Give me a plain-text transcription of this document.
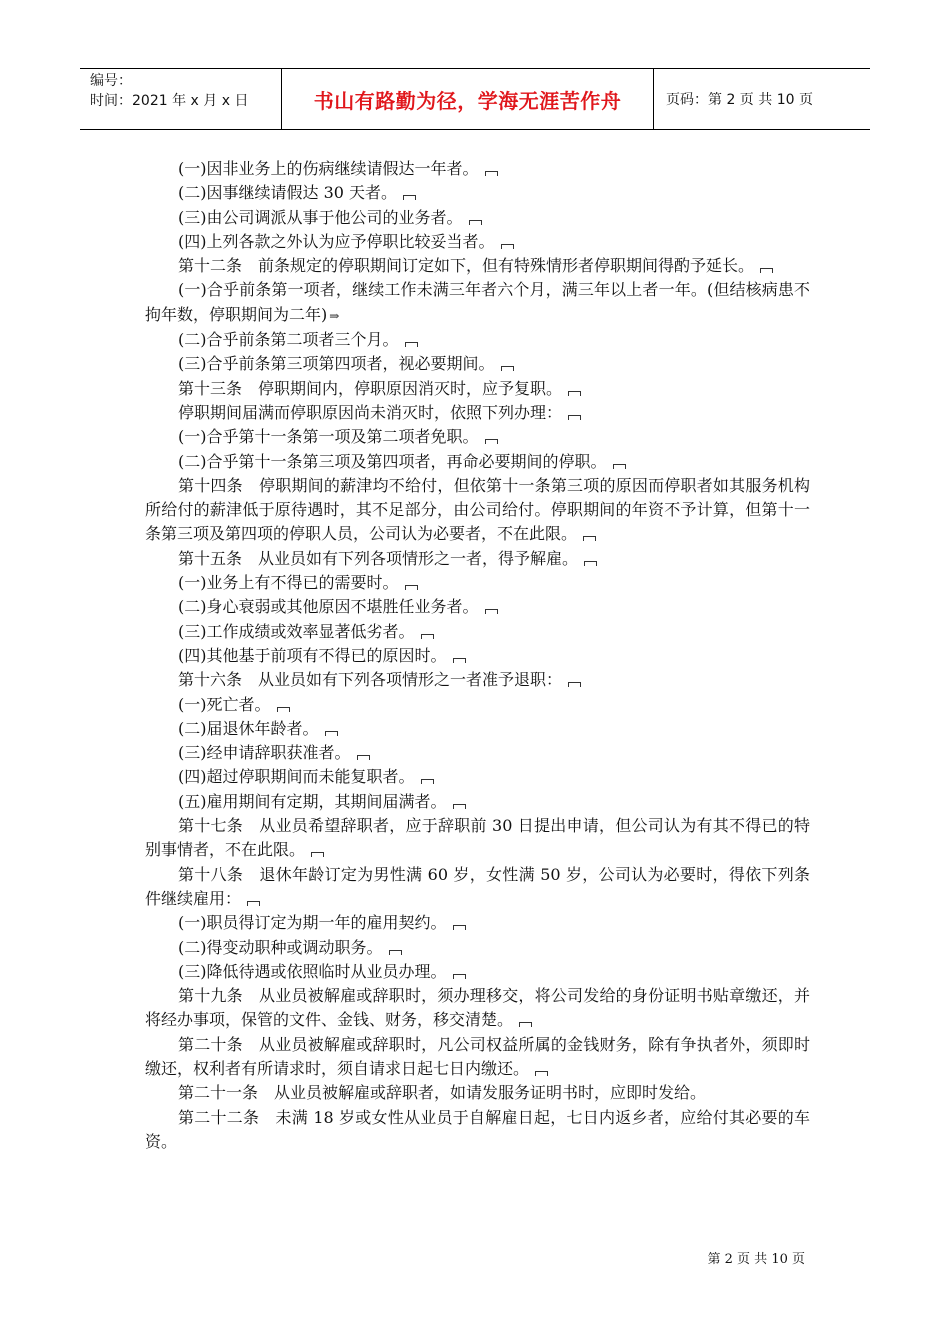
编号：
时间：2021 年 x 月 x 日	书山有路勤为径，学海无涯苦作舟	页码：第 2 页 共 10 页

(一)因非业务上的伤病继续请假达一年者。

(二)因事继续请假达 30 天者。

(三)由公司调派从事于他公司的业务者。

(四)上列各款之外认为应予停职比较妥当者。

第十二条　前条规定的停职期间订定如下，但有特殊情形者停职期间得酌予延长。

(一)合乎前条第一项者，继续工作未满三年者六个月，满三年以上者一年。(但结核病患不拘年数，停职期间为二年) ⇒

(二)合乎前条第二项者三个月。

(三)合乎前条第三项第四项者，视必要期间。

第十三条　停职期间内，停职原因消灭时，应予复职。

停职期间届满而停职原因尚未消灭时，依照下列办理：

(一)合乎第十一条第一项及第二项者免职。

(二)合乎第十一条第三项及第四项者，再命必要期间的停职。

第十四条　停职期间的薪津均不给付，但依第十一条第三项的原因而停职者如其服务机构所给付的薪津低于原待遇时，其不足部分，由公司给付。停职期间的年资不予计算，但第十一条第三项及第四项的停职人员，公司认为必要者，不在此限。

第十五条　从业员如有下列各项情形之一者，得予解雇。

(一)业务上有不得已的需要时。

(二)身心衰弱或其他原因不堪胜任业务者。

(三)工作成绩或效率显著低劣者。

(四)其他基于前项有不得已的原因时。

第十六条　从业员如有下列各项情形之一者准予退职：

(一)死亡者。

(二)届退休年龄者。

(三)经申请辞职获准者。

(四)超过停职期间而未能复职者。

(五)雇用期间有定期，其期间届满者。

第十七条　从业员希望辞职者，应于辞职前 30 日提出申请，但公司认为有其不得已的特别事情者，不在此限。

第十八条　退休年龄订定为男性满 60 岁，女性满 50 岁，公司认为必要时，得依下列条件继续雇用：

(一)职员得订定为期一年的雇用契约。

(二)得变动职种或调动职务。

(三)降低待遇或依照临时从业员办理。

第十九条　从业员被解雇或辞职时，须办理移交，将公司发给的身份证明书贴章缴还，并将经办事项，保管的文件、金钱、财务，移交清楚。

第二十条　从业员被解雇或辞职时，凡公司权益所属的金钱财务，除有争执者外，须即时缴还，权利者有所请求时，须自请求日起七日内缴还。

第二十一条　从业员被解雇或辞职者，如请发服务证明书时，应即时发给。

第二十二条　未满 18 岁或女性从业员于自解雇日起，七日内返乡者，应给付其必要的车资。

第 2 页 共 10 页
